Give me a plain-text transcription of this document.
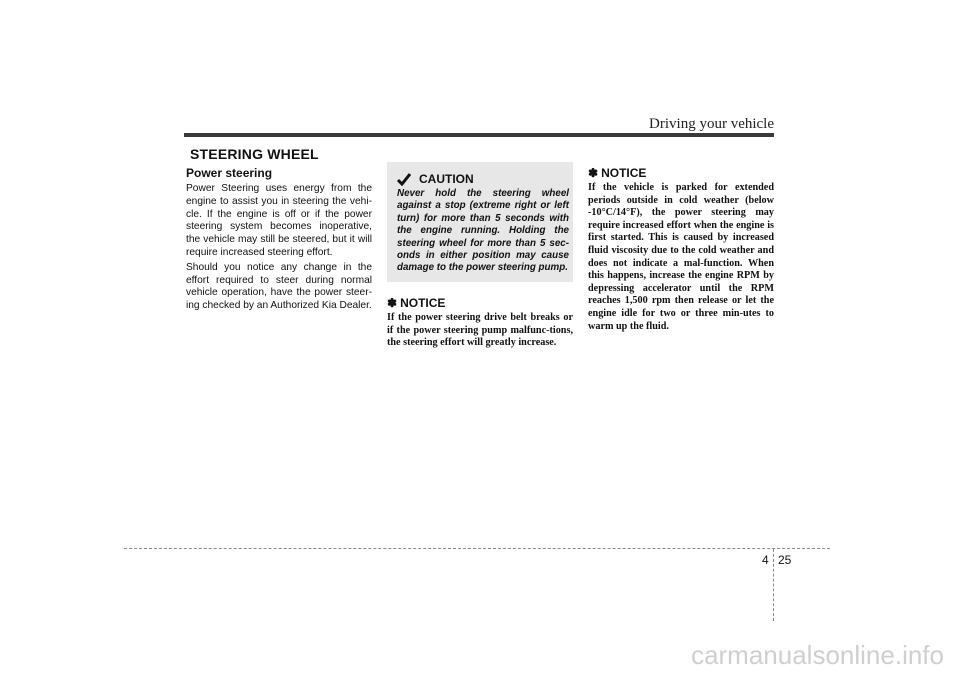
Driving your vehicle
STEERING WHEEL
Power steering

Power Steering uses energy from the engine to assist you in steering the vehi-cle. If the engine is off or if the power steering system becomes inoperative, the vehicle may still be steered, but it will require increased steering effort.

Should you notice any change in the effort required to steer during normal vehicle operation, have the power steer-ing checked by an Authorized Kia Dealer.

CAUTION
Never hold the steering wheel against a stop (extreme right or left turn) for more than 5 seconds with the engine running. Holding the steering wheel for more than 5 sec-onds in either position may cause damage to the power steering pump.
✽ NOTICE
If the power steering drive belt breaks or if the power steering pump malfunc-tions, the steering effort will greatly increase.
✽ NOTICE
If the vehicle is parked for extended periods outside in cold weather (below -10°C/14°F), the power steering may require increased effort when the engine is first started. This is caused by increased fluid viscosity due to the cold weather and does not indicate a mal-function. When this happens, increase the engine RPM by depressing accelerator until the RPM reaches 1,500 rpm then release or let the engine idle for two or three min-utes to warm up the fluid.
4 25
carmanualsonline.info
